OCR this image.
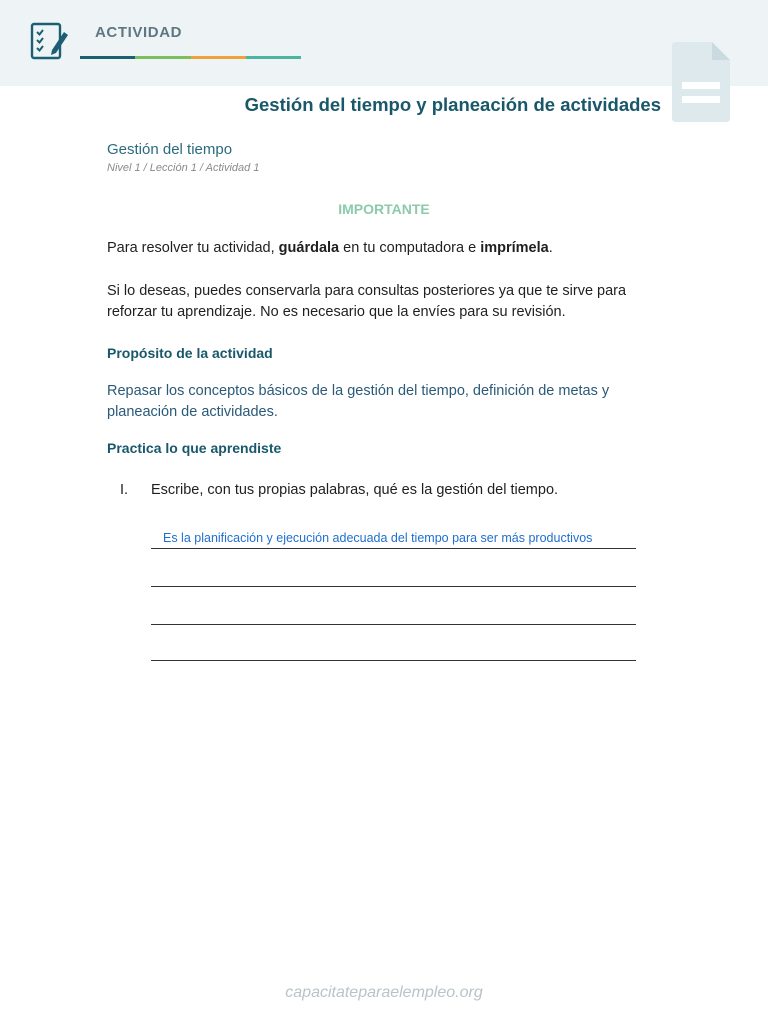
ACTIVIDAD
Gestión del tiempo y planeación de actividades
Gestión del tiempo
Nivel 1 / Lección 1 / Actividad 1
IMPORTANTE
Para resolver tu actividad, guárdala en tu computadora e imprímela.
Si lo deseas, puedes conservarla para consultas posteriores ya que te sirve para reforzar tu aprendizaje. No es necesario que la envíes para su revisión.
Propósito de la actividad
Repasar los conceptos básicos de la gestión del tiempo, definición de metas y planeación de actividades.
Practica lo que aprendiste
I. Escribe, con tus propias palabras, qué es la gestión del tiempo.
Es la planificación y ejecución adecuada del tiempo para ser más productivos
capacitateparaelempleo.org
